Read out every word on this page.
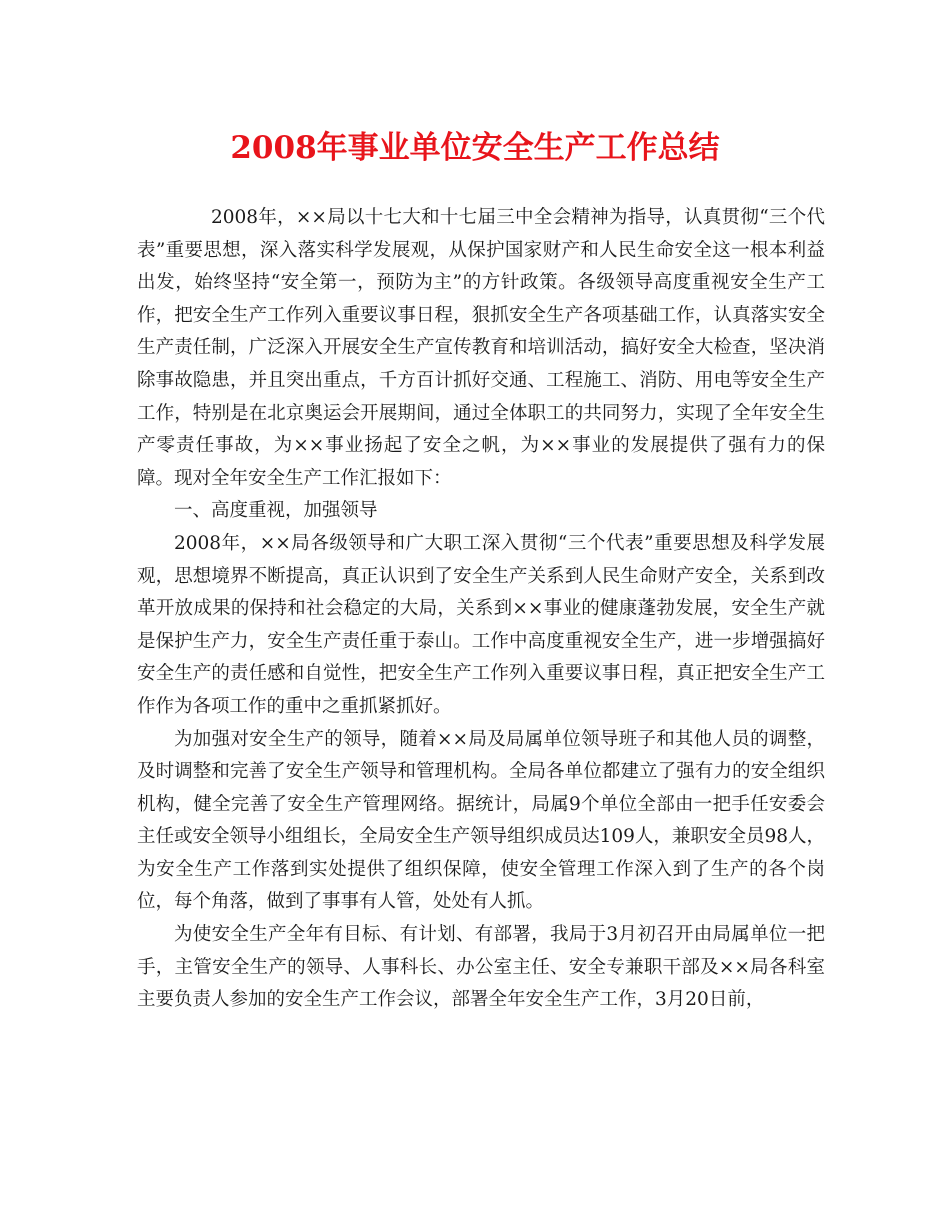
2008年事业单位安全生产工作总结

2008年，××局以十七大和十七届三中全会精神为指导，认真贯彻“三个代表”重要思想，深入落实科学发展观，从保护国家财产和人民生命安全这一根本利益出发，始终坚持“安全第一，预防为主”的方针政策。各级领导高度重视安全生产工作，把安全生产工作列入重要议事日程，狠抓安全生产各项基础工作，认真落实安全生产责任制，广泛深入开展安全生产宣传教育和培训活动，搞好安全大检查，坚决消除事故隐患，并且突出重点，千方百计抓好交通、工程施工、消防、用电等安全生产工作，特别是在北京奥运会开展期间，通过全体职工的共同努力，实现了全年安全生产零责任事故，为××事业扬起了安全之帆，为××事业的发展提供了强有力的保障。现对全年安全生产工作汇报如下：

一、高度重视，加强领导

2008年，××局各级领导和广大职工深入贯彻“三个代表”重要思想及科学发展观，思想境界不断提高，真正认识到了安全生产关系到人民生命财产安全，关系到改革开放成果的保持和社会稳定的大局，关系到××事业的健康蓬勃发展，安全生产就是保护生产力，安全生产责任重于泰山。工作中高度重视安全生产，进一步增强搞好安全生产的责任感和自觉性，把安全生产工作列入重要议事日程，真正把安全生产工作作为各项工作的重中之重抓紧抓好。

为加强对安全生产的领导，随着××局及局属单位领导班子和其他人员的调整，及时调整和完善了安全生产领导和管理机构。全局各单位都建立了强有力的安全组织机构，健全完善了安全生产管理网络。据统计，局属9个单位全部由一把手任安委会主任或安全领导小组组长，全局安全生产领导组织成员达109人，兼职安全员98人，为安全生产工作落到实处提供了组织保障，使安全管理工作深入到了生产的各个岗位，每个角落，做到了事事有人管，处处有人抓。

为使安全生产全年有目标、有计划、有部署，我局于3月初召开由局属单位一把手，主管安全生产的领导、人事科长、办公室主任、安全专兼职干部及××局各科室主要负责人参加的安全生产工作会议，部署全年安全生产工作，3月20日前，
